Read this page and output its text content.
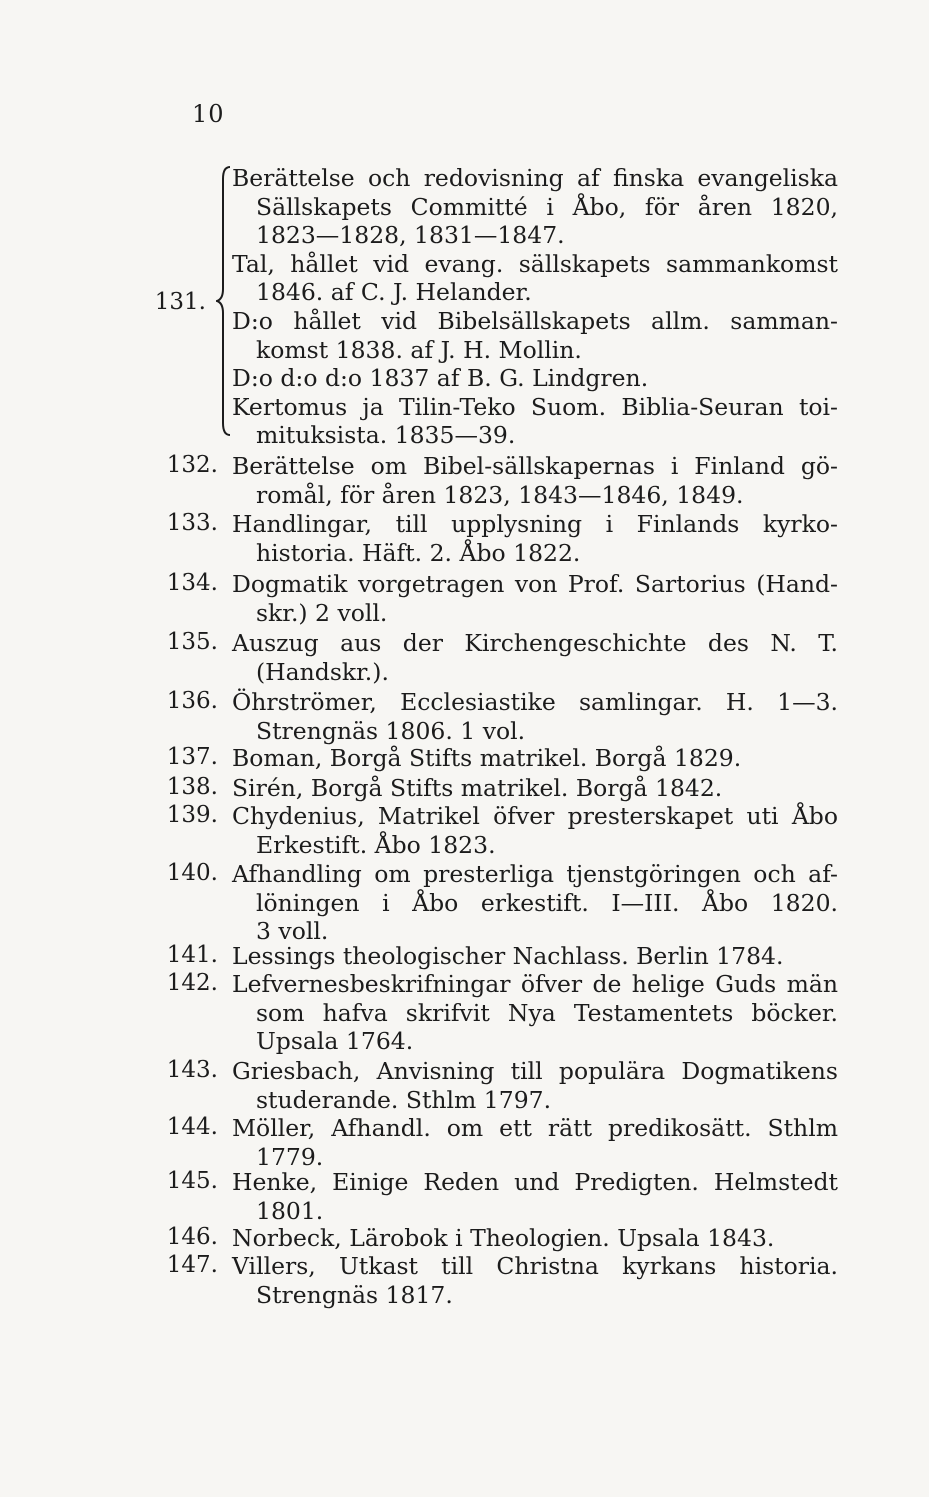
10
131.
Berättelse och redovisning af finska evangeliska
Sällskapets Committé i Åbo, för åren 1820,
1823—1828, 1831—1847.
Tal, hållet vid evang. sällskapets sammankomst
1846. af C. J. Helander.
D:o hållet vid Bibelsällskapets allm. samman-
komst 1838. af J. H. Mollin.
D:o d:o d:o 1837 af B. G. Lindgren.
Kertomus ja Tilin-Teko Suom. Biblia-Seuran toi-
mituksista. 1835—39.
132. Berättelse om Bibel-sällskapernas i Finland gö-
romål, för åren 1823, 1843—1846, 1849.
133. Handlingar, till upplysning i Finlands kyrko-
historia. Häft. 2. Åbo 1822.
134. Dogmatik vorgetragen von Prof. Sartorius (Hand-
skr.) 2 voll.
135. Auszug aus der Kirchengeschichte des N. T.
(Handskr.).
136. Öhrströmer, Ecclesiastike samlingar. H. 1—3.
Strengnäs 1806. 1 vol.
137. Boman, Borgå Stifts matrikel. Borgå 1829.
138. Sirén, Borgå Stifts matrikel. Borgå 1842.
139. Chydenius, Matrikel öfver presterskapet uti Åbo
Erkestift. Åbo 1823.
140. Afhandling om presterliga tjenstgöringen och af-
löningen i Åbo erkestift. I—III. Åbo 1820.
3 voll.
141. Lessings theologischer Nachlass. Berlin 1784.
142. Lefvernesbeskrifningar öfver de helige Guds män
som hafva skrifvit Nya Testamentets böcker.
Upsala 1764.
143. Griesbach, Anvisning till populära Dogmatikens
studerande. Sthlm 1797.
144. Möller, Afhandl. om ett rätt predikosätt. Sthlm
1779.
145. Henke, Einige Reden und Predigten. Helmstedt
1801.
146. Norbeck, Lärobok i Theologien. Upsala 1843.
147. Villers, Utkast till Christna kyrkans historia.
Strengnäs 1817.
